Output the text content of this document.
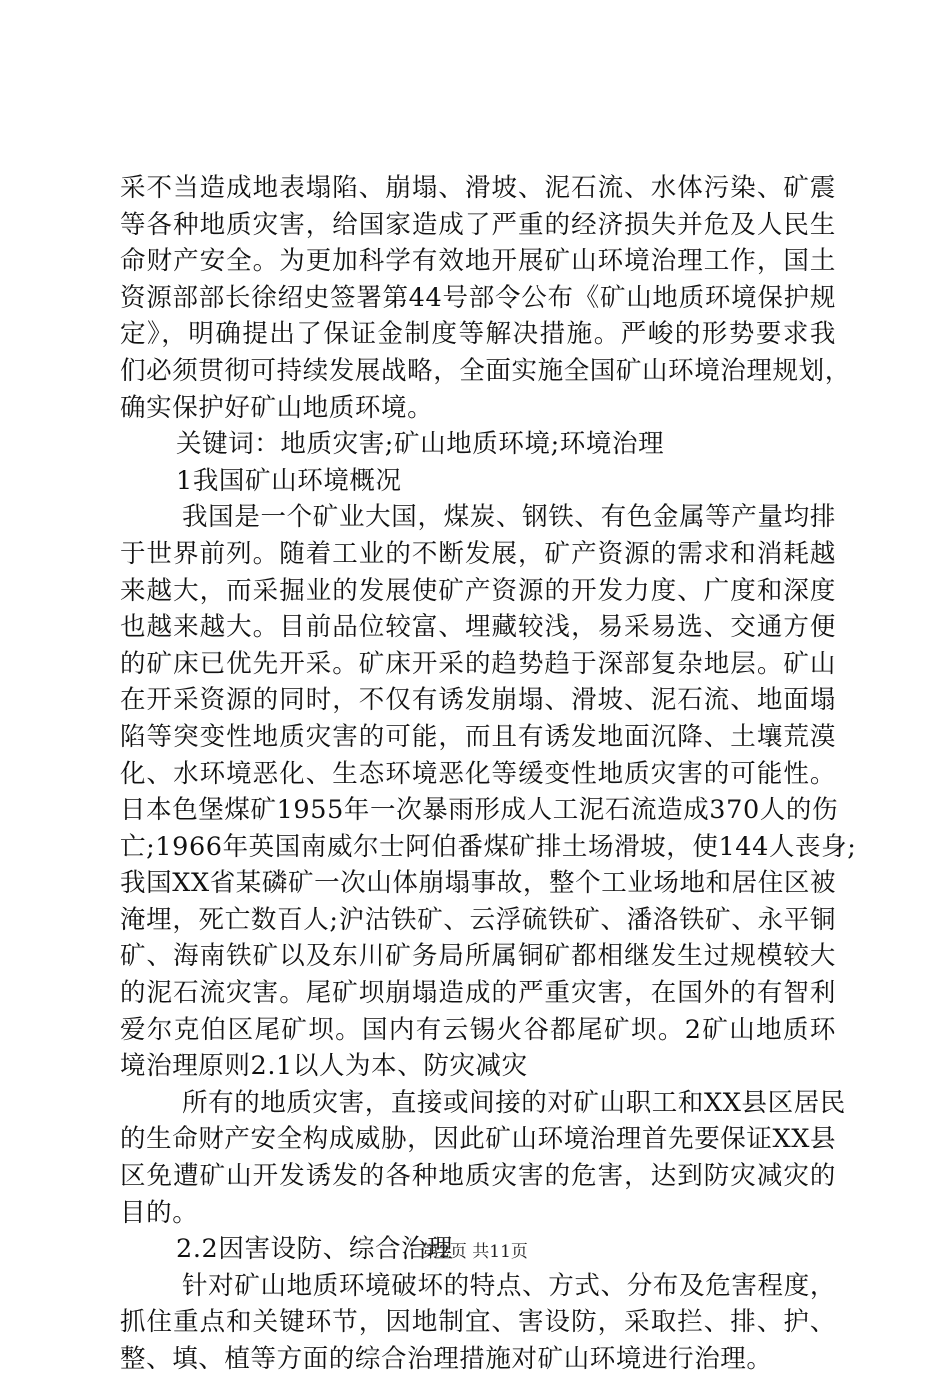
采不当造成地表塌陷、崩塌、滑坡、泥石流、水体污染、矿震
等各种地质灾害，给国家造成了严重的经济损失并危及人民生
命财产安全。为更加科学有效地开展矿山环境治理工作，国土
资源部部长徐绍史签署第44号部令公布《矿山地质环境保护规
定》，明确提出了保证金制度等解决措施。严峻的形势要求我
们必须贯彻可持续发展战略，全面实施全国矿山环境治理规划，
确实保护好矿山地质环境。
关键词：地质灾害;矿山地质环境;环境治理
1我国矿山环境概况
我国是一个矿业大国，煤炭、钢铁、有色金属等产量均排
于世界前列。随着工业的不断发展，矿产资源的需求和消耗越
来越大，而采掘业的发展使矿产资源的开发力度、广度和深度
也越来越大。目前品位较富、埋藏较浅，易采易选、交通方便
的矿床已优先开采。矿床开采的趋势趋于深部复杂地层。矿山
在开采资源的同时，不仅有诱发崩塌、滑坡、泥石流、地面塌
陷等突变性地质灾害的可能，而且有诱发地面沉降、土壤荒漠
化、水环境恶化、生态环境恶化等缓变性地质灾害的可能性。
日本色堡煤矿1955年一次暴雨形成人工泥石流造成370人的伤
亡;1966年英国南威尔士阿伯番煤矿排土场滑坡，使144人丧身;
我国XX省某磷矿一次山体崩塌事故，整个工业场地和居住区被
淹埋，死亡数百人;沪沽铁矿、云浮硫铁矿、潘洛铁矿、永平铜
矿、海南铁矿以及东川矿务局所属铜矿都相继发生过规模较大
的泥石流灾害。尾矿坝崩塌造成的严重灾害，在国外的有智利
爱尔克伯区尾矿坝。国内有云锡火谷都尾矿坝。2矿山地质环
境治理原则2.1以人为本、防灾减灾
所有的地质灾害，直接或间接的对矿山职工和XX县区居民
的生命财产安全构成威胁，因此矿山环境治理首先要保证XX县
区免遭矿山开发诱发的各种地质灾害的危害，达到防灾减灾的
目的。
2.2因害设防、综合治理
针对矿山地质环境破坏的特点、方式、分布及危害程度，
抓住重点和关键环节，因地制宜、害设防，采取拦、排、护、
整、填、植等方面的综合治理措施对矿山环境进行治理。
第2页 共11页
